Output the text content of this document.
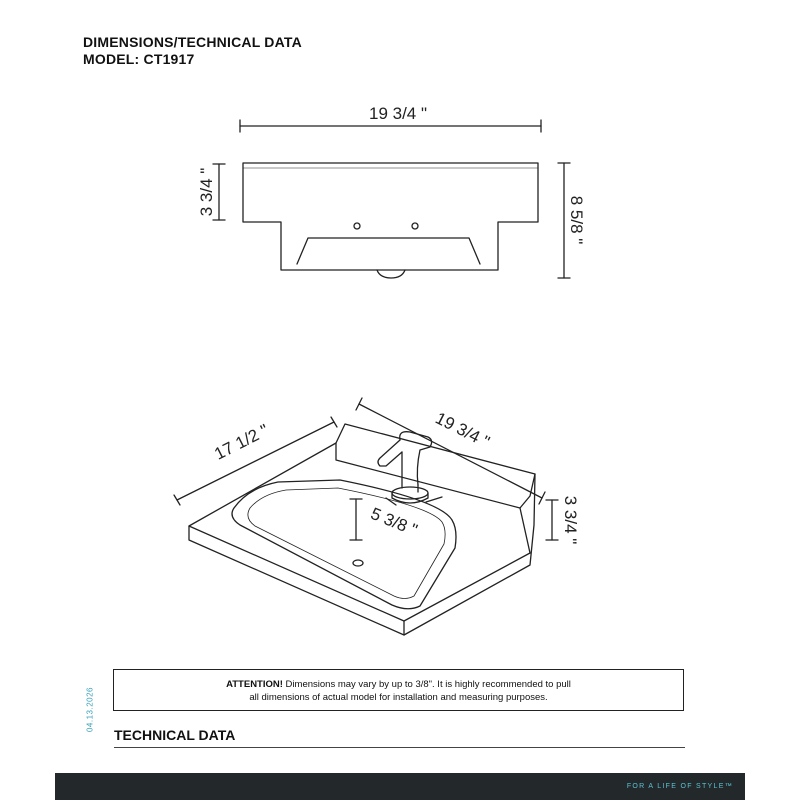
DIMENSIONS/TECHNICAL DATA
MODEL: CT1917
19 3/4 "
3 3/4 "
8 5/8 "
17 1/2 "	19 3/4 "
3 3/4 "
5 3/8 "
04.13.2026
ATTENTION! Dimensions may vary by up to 3/8". It is highly recommended to pull
all dimensions of actual model for installation and measuring purposes.
TECHNICAL DATA
FOR A LIFE OF STYLE™
